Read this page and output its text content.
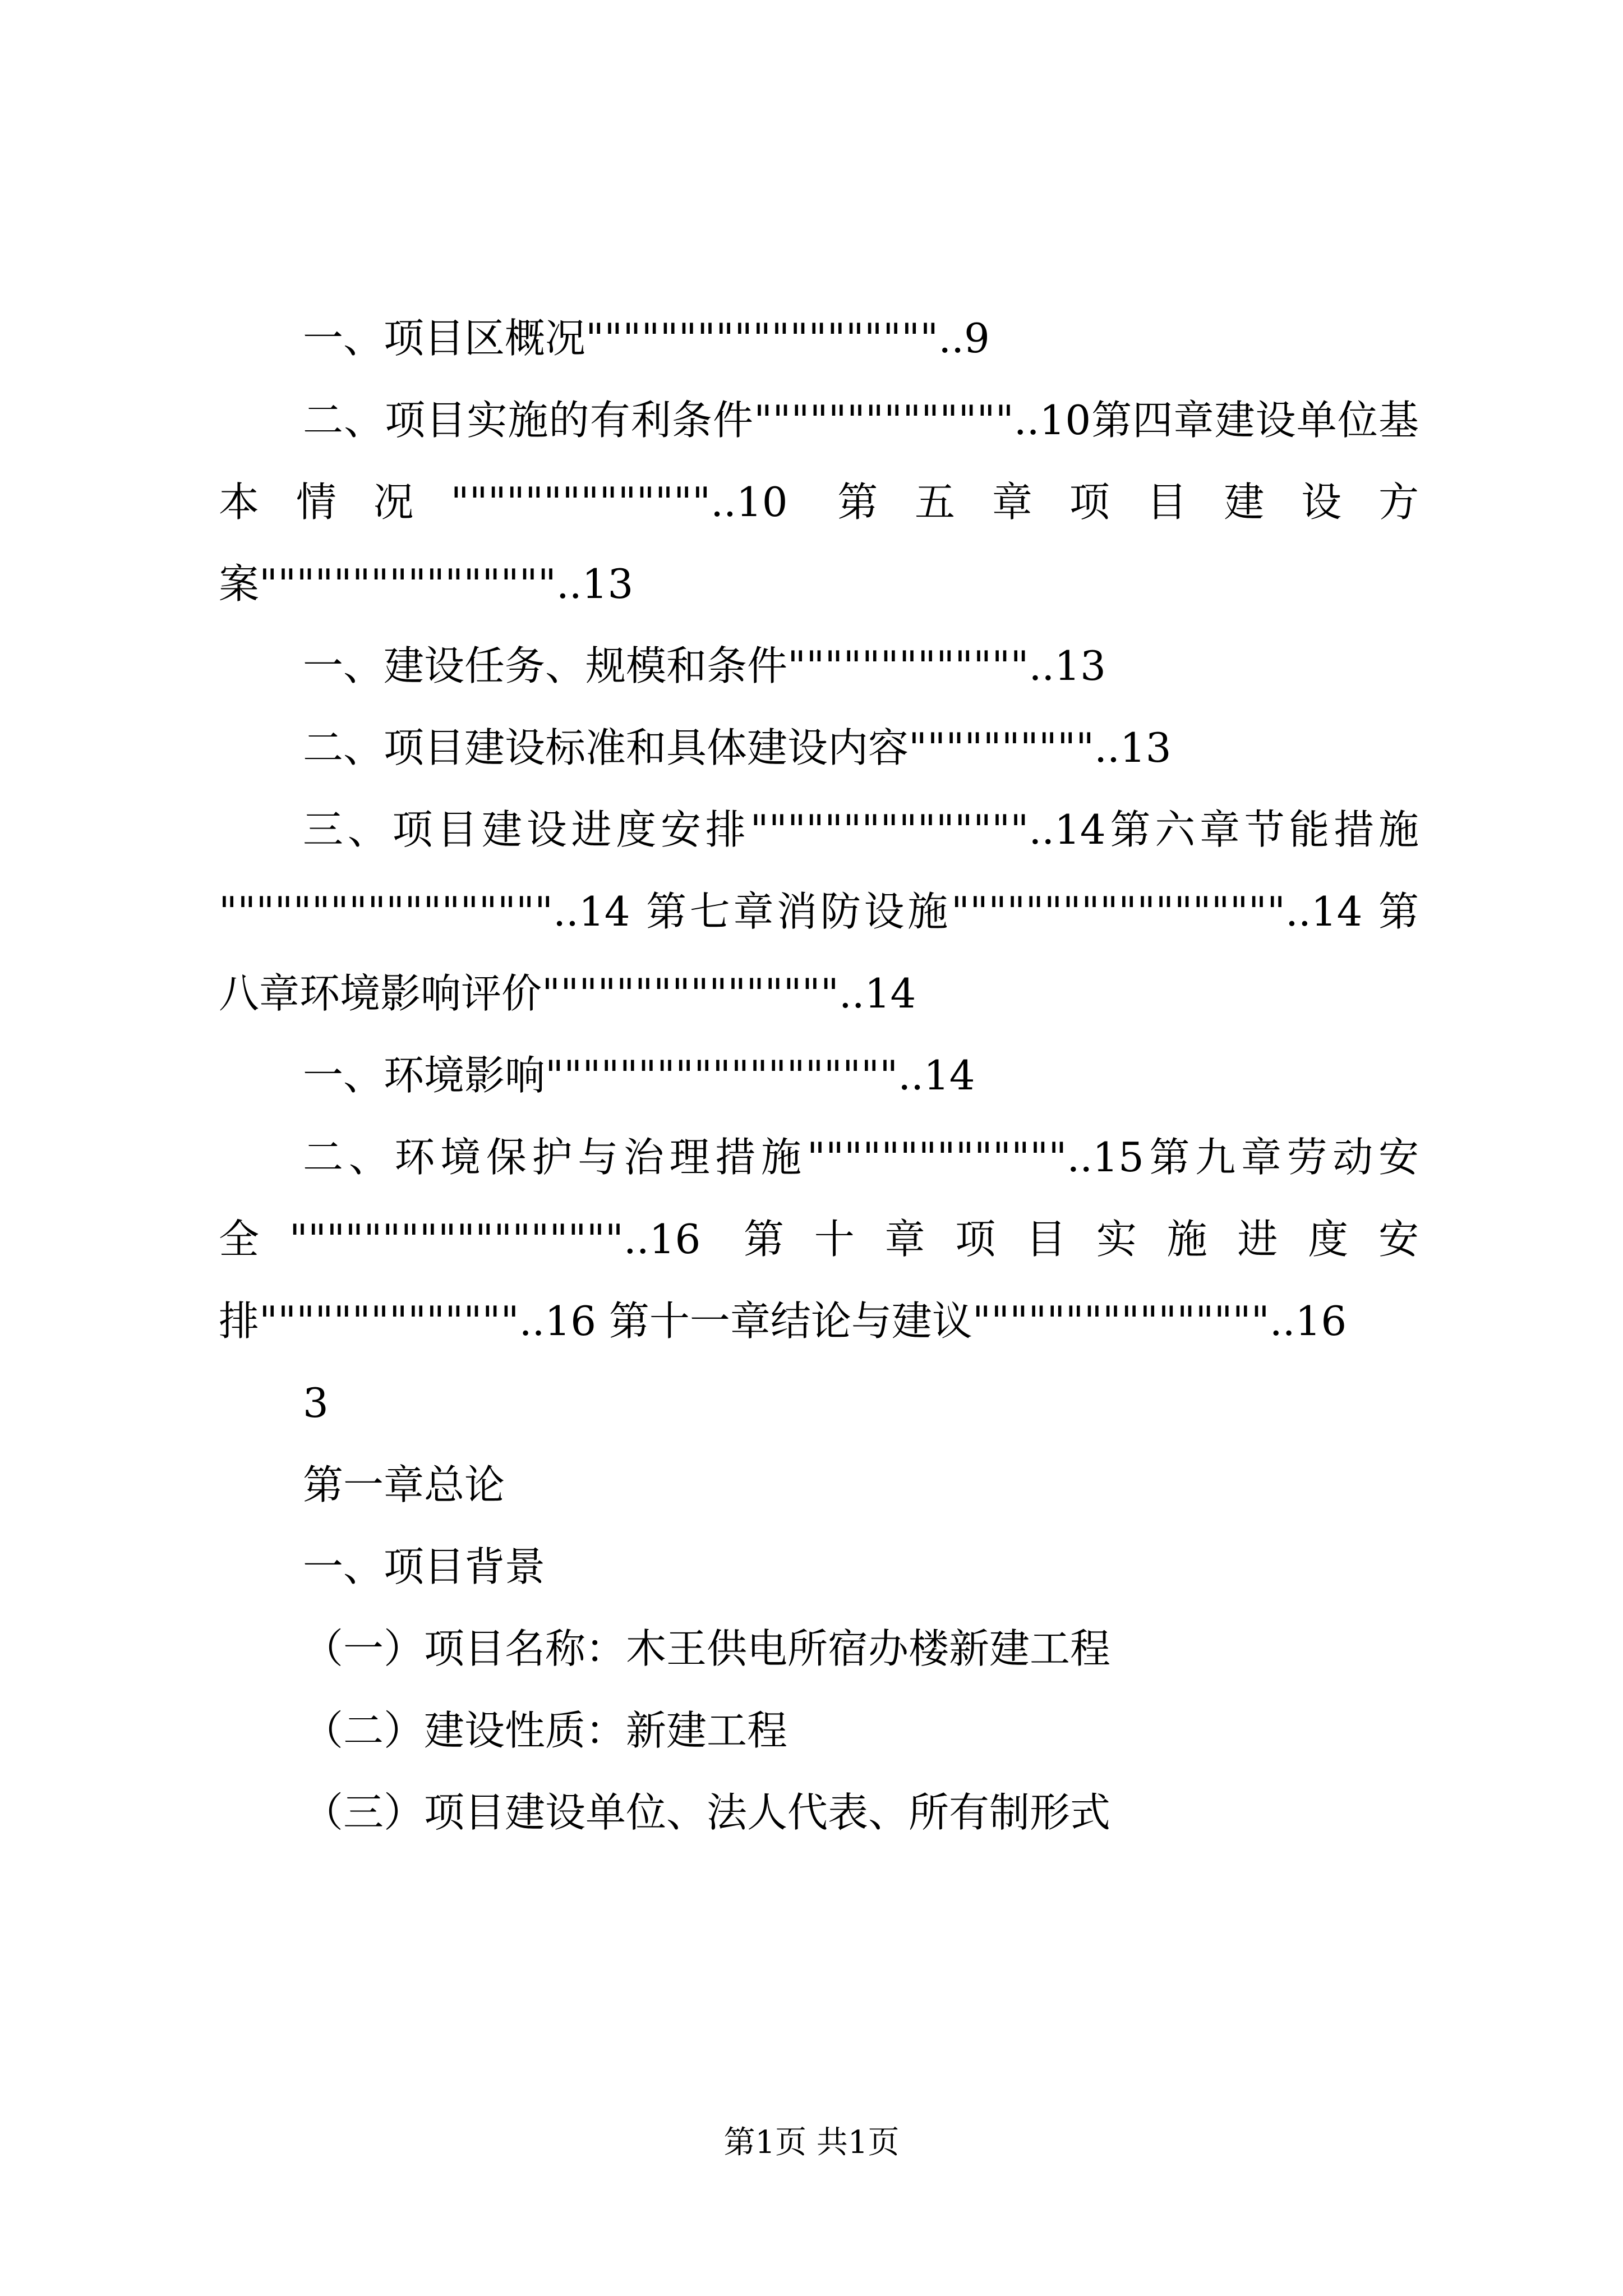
一、项目区概况"""""""""""""""""""..9

二、项目实施的有利条件""""""""""""""..10第四章建设单位基本情况""""""""""""""..10 第五章项目建设方案""""""""""""""""..13

一、建设任务、规模和条件"""""""""""""..13

二、项目建设标准和具体建设内容""""""""""..13

三、项目建设进度安排"""""""""""""""..14第六章节能措施 """"""""""""""""""..14 第七章消防设施""""""""""""""""""..14 第八章环境影响评价""""""""""""""""..14

一、环境影响"""""""""""""""""""..14

二、环境保护与治理措施""""""""""""""..15第九章劳动安全""""""""""""""""""..16 第十章项目实施进度安排""""""""""""""..16 第十一章结论与建议""""""""""""""""..16

3

第一章总论

一、项目背景

（一）项目名称：木王供电所宿办楼新建工程

（二）建设性质：新建工程

（三）项目建设单位、法人代表、所有制形式

第1页 共1页
